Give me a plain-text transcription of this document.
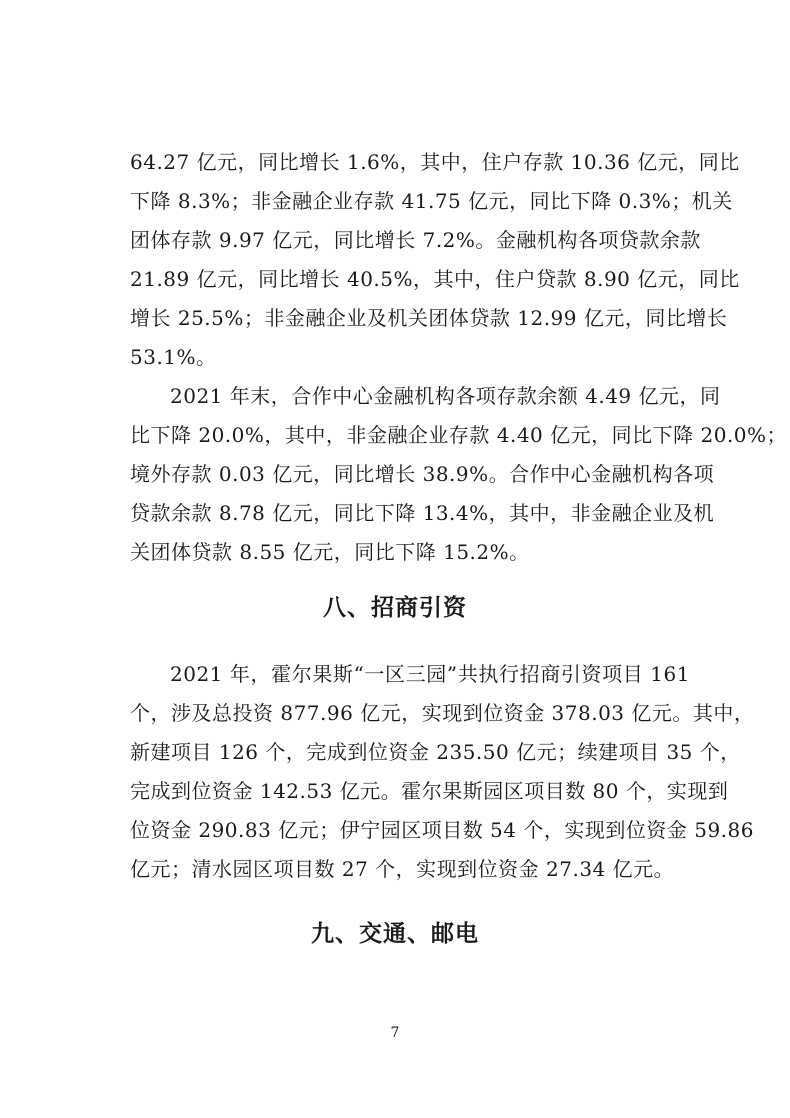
64.27 亿元，同比增长 1.6%，其中，住户存款 10.36 亿元，同比
下降 8.3%；非金融企业存款 41.75 亿元，同比下降 0.3%；机关
团体存款 9.97 亿元，同比增长 7.2%。金融机构各项贷款余款
21.89 亿元，同比增长 40.5%，其中，住户贷款 8.90 亿元，同比
增长 25.5%；非金融企业及机关团体贷款 12.99 亿元，同比增长
53.1%。
2021 年末，合作中心金融机构各项存款余额 4.49 亿元，同
比下降 20.0%，其中，非金融企业存款 4.40 亿元，同比下降 20.0%；
境外存款 0.03 亿元，同比增长 38.9%。合作中心金融机构各项
贷款余款 8.78 亿元，同比下降 13.4%，其中，非金融企业及机
关团体贷款 8.55 亿元，同比下降 15.2%。
八、招商引资
2021 年，霍尔果斯“一区三园”共执行招商引资项目 161
个，涉及总投资 877.96 亿元，实现到位资金 378.03 亿元。其中，
新建项目 126 个，完成到位资金 235.50 亿元；续建项目 35 个，
完成到位资金 142.53 亿元。霍尔果斯园区项目数 80 个，实现到
位资金 290.83 亿元；伊宁园区项目数 54 个，实现到位资金 59.86
亿元；清水园区项目数 27 个，实现到位资金 27.34 亿元。
九、交通、邮电
7
